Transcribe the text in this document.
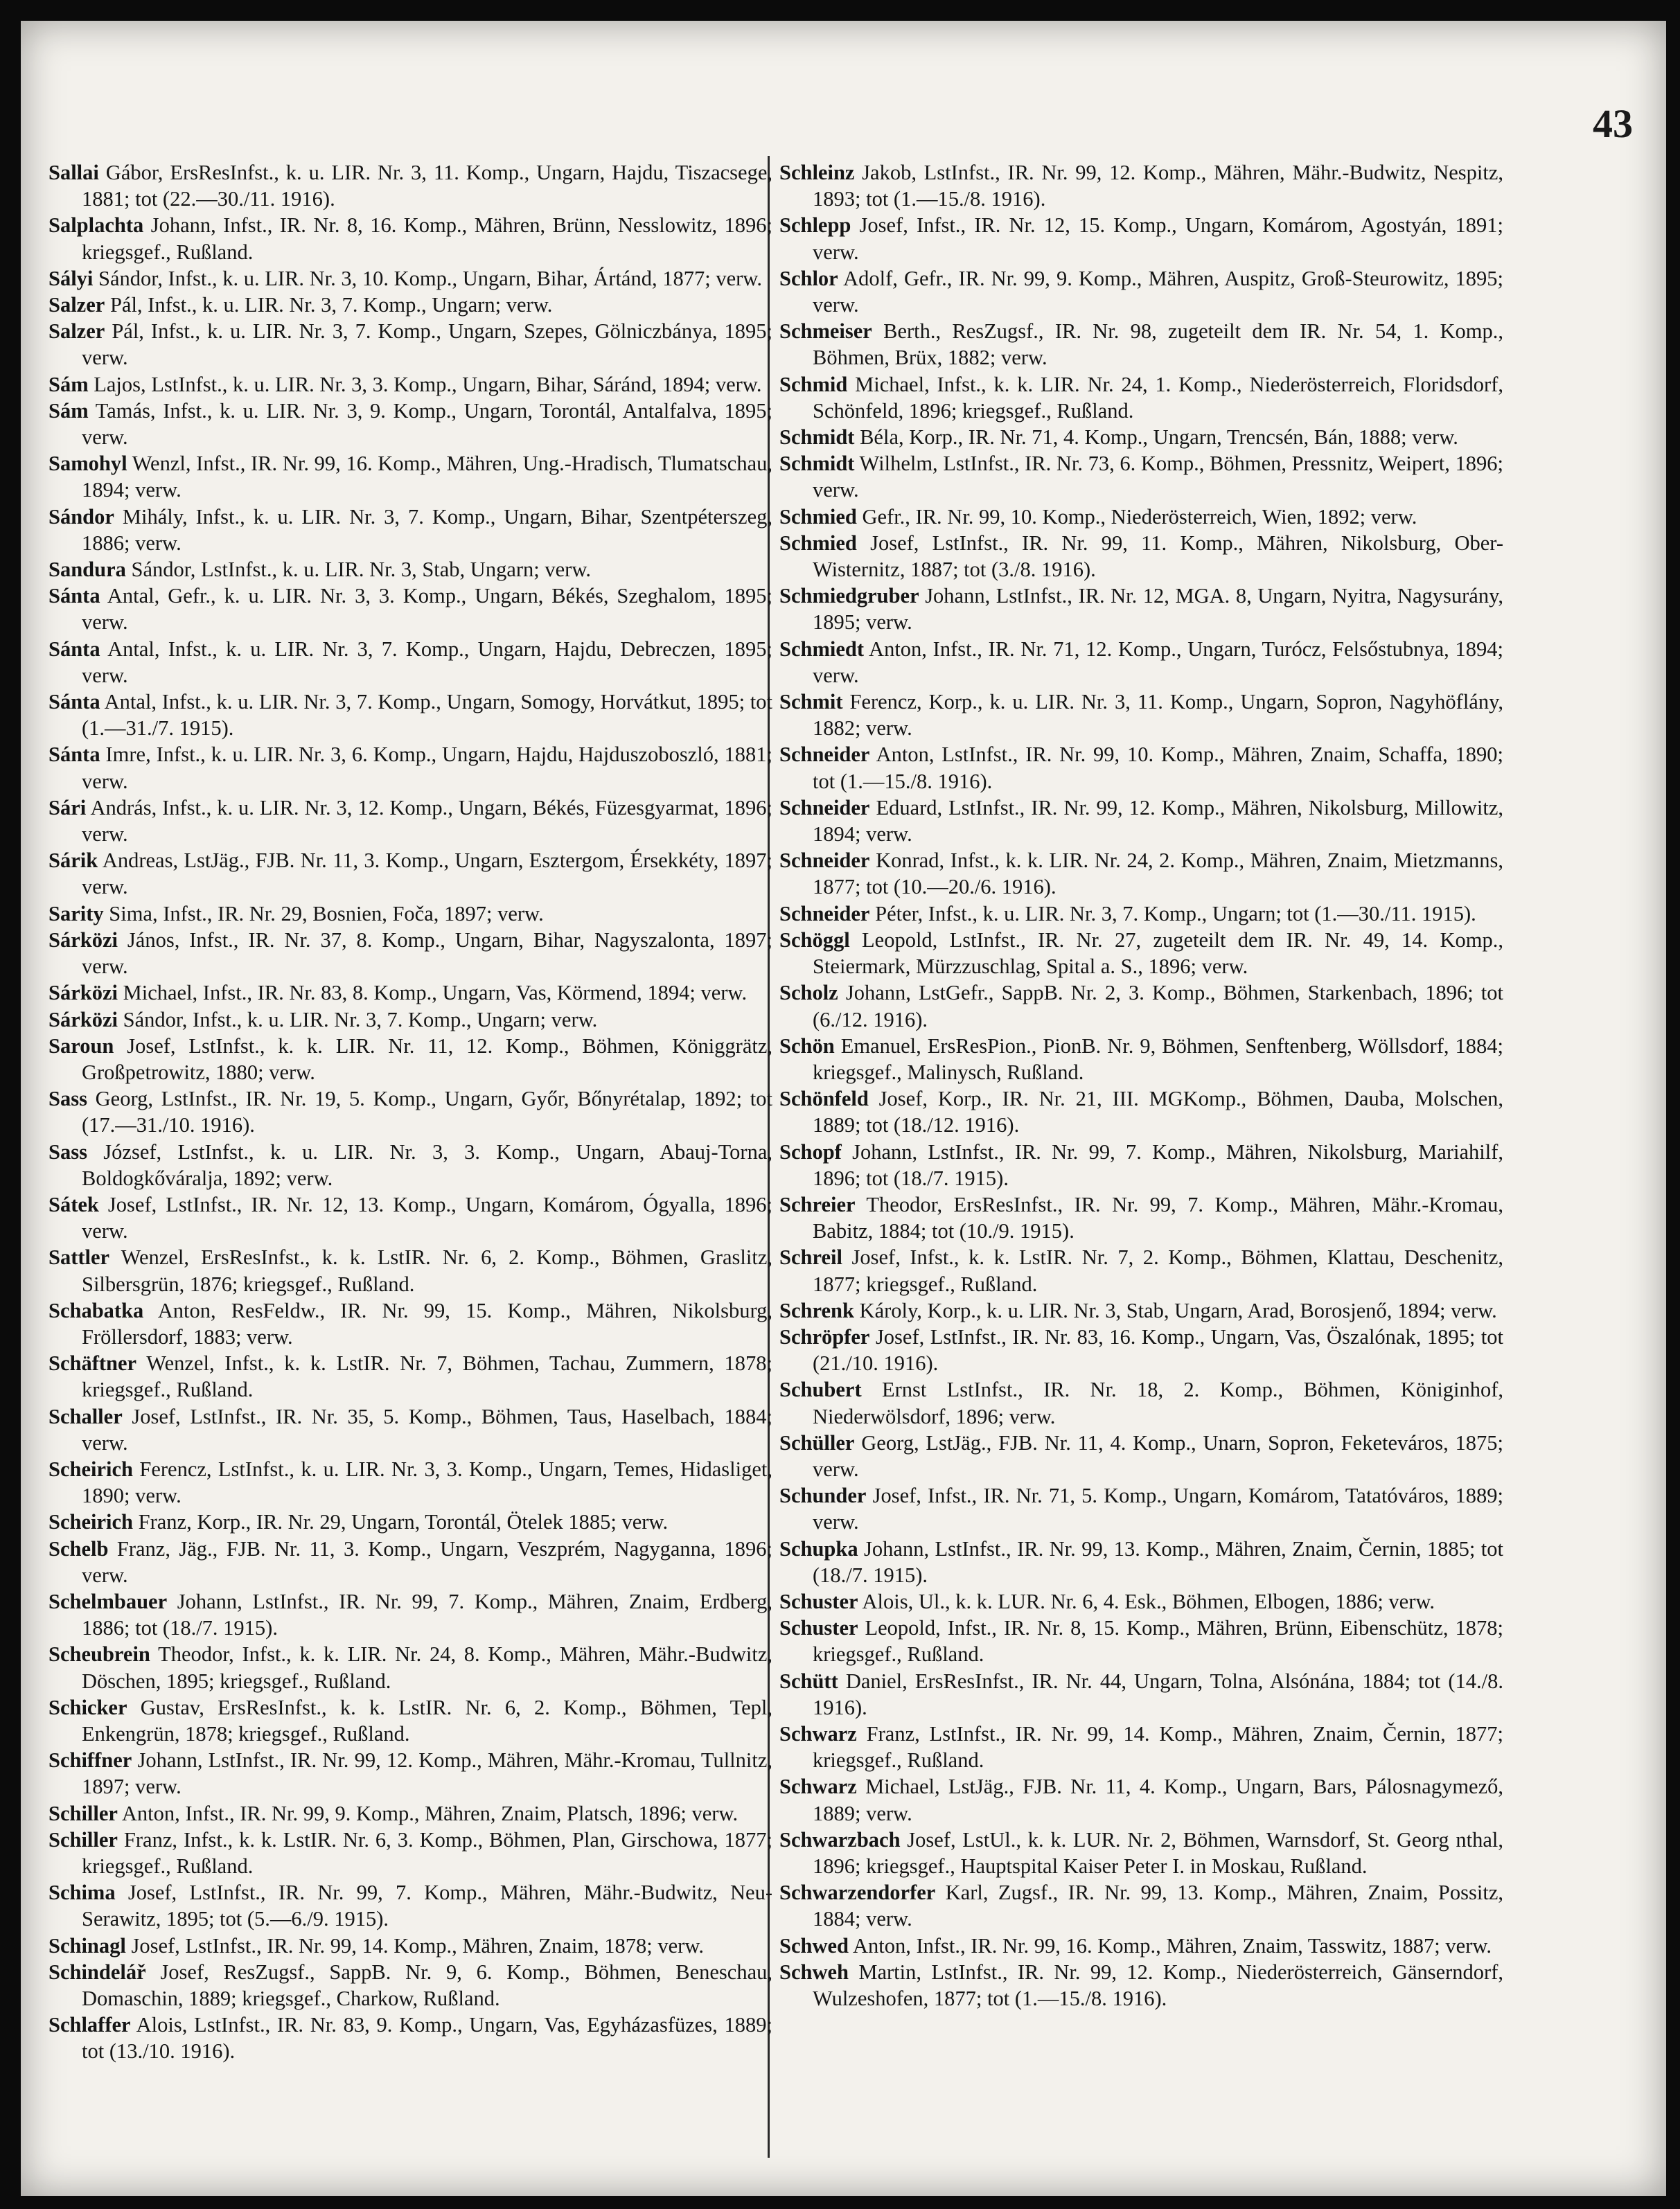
43

Sallai Gábor, ErsResInfst., k. u. LIR. Nr. 3, 11. Komp., Ungarn, Hajdu, Tiszacsege, 1881; tot (22.—30./11. 1916).

Salplachta Johann, Infst., IR. Nr. 8, 16. Komp., Mähren, Brünn, Nesslowitz, 1896; kriegsgef., Rußland.

Sályi Sándor, Infst., k. u. LIR. Nr. 3, 10. Komp., Ungarn, Bihar, Ártánd, 1877; verw.

Salzer Pál, Infst., k. u. LIR. Nr. 3, 7. Komp., Ungarn; verw.

Salzer Pál, Infst., k. u. LIR. Nr. 3, 7. Komp., Ungarn, Szepes, Gölniczbánya, 1895; verw.

Sám Lajos, LstInfst., k. u. LIR. Nr. 3, 3. Komp., Ungarn, Bihar, Sáránd, 1894; verw.

Sám Tamás, Infst., k. u. LIR. Nr. 3, 9. Komp., Ungarn, Torontál, Antalfalva, 1895; verw.

Samohyl Wenzl, Infst., IR. Nr. 99, 16. Komp., Mähren, Ung.-Hradisch, Tlumatschau, 1894; verw.

Sándor Mihály, Infst., k. u. LIR. Nr. 3, 7. Komp., Ungarn, Bihar, Szentpéterszeg, 1886; verw.

Sandura Sándor, LstInfst., k. u. LIR. Nr. 3, Stab, Ungarn; verw.

Sánta Antal, Gefr., k. u. LIR. Nr. 3, 3. Komp., Ungarn, Békés, Szeghalom, 1895; verw.

Sánta Antal, Infst., k. u. LIR. Nr. 3, 7. Komp., Ungarn, Hajdu, Debreczen, 1895; verw.

Sánta Antal, Infst., k. u. LIR. Nr. 3, 7. Komp., Ungarn, Somogy, Horvátkut, 1895; tot (1.—31./7. 1915).

Sánta Imre, Infst., k. u. LIR. Nr. 3, 6. Komp., Ungarn, Hajdu, Hajduszoboszló, 1881; verw.

Sári András, Infst., k. u. LIR. Nr. 3, 12. Komp., Ungarn, Békés, Füzesgyarmat, 1896; verw.

Sárik Andreas, LstJäg., FJB. Nr. 11, 3. Komp., Ungarn, Esztergom, Érsekkéty, 1897; verw.

Sarity Sima, Infst., IR. Nr. 29, Bosnien, Foča, 1897; verw.

Sárközi János, Infst., IR. Nr. 37, 8. Komp., Ungarn, Bihar, Nagyszalonta, 1897; verw.

Sárközi Michael, Infst., IR. Nr. 83, 8. Komp., Ungarn, Vas, Körmend, 1894; verw.

Sárközi Sándor, Infst., k. u. LIR. Nr. 3, 7. Komp., Ungarn; verw.

Saroun Josef, LstInfst., k. k. LIR. Nr. 11, 12. Komp., Böhmen, Königgrätz, Großpetrowitz, 1880; verw.

Sass Georg, LstInfst., IR. Nr. 19, 5. Komp., Ungarn, Győr, Bőnyrétalap, 1892; tot (17.—31./10. 1916).

Sass József, LstInfst., k. u. LIR. Nr. 3, 3. Komp., Ungarn, Abauj-Torna, Boldogkőváralja, 1892; verw.

Sátek Josef, LstInfst., IR. Nr. 12, 13. Komp., Ungarn, Komárom, Ógyalla, 1896; verw.

Sattler Wenzel, ErsResInfst., k. k. LstIR. Nr. 6, 2. Komp., Böhmen, Graslitz, Silbersgrün, 1876; kriegsgef., Rußland.

Schabatka Anton, ResFeldw., IR. Nr. 99, 15. Komp., Mähren, Nikolsburg, Fröllersdorf, 1883; verw.

Schäftner Wenzel, Infst., k. k. LstIR. Nr. 7, Böhmen, Tachau, Zummern, 1878; kriegsgef., Rußland.

Schaller Josef, LstInfst., IR. Nr. 35, 5. Komp., Böhmen, Taus, Haselbach, 1884; verw.

Scheirich Ferencz, LstInfst., k. u. LIR. Nr. 3, 3. Komp., Ungarn, Temes, Hidasliget, 1890; verw.

Scheirich Franz, Korp., IR. Nr. 29, Ungarn, Torontál, Ötelek 1885; verw.

Schelb Franz, Jäg., FJB. Nr. 11, 3. Komp., Ungarn, Veszprém, Nagyganna, 1896; verw.

Schelmbauer Johann, LstInfst., IR. Nr. 99, 7. Komp., Mähren, Znaim, Erdberg, 1886; tot (18./7. 1915).

Scheubrein Theodor, Infst., k. k. LIR. Nr. 24, 8. Komp., Mähren, Mähr.-Budwitz, Döschen, 1895; kriegsgef., Rußland.

Schicker Gustav, ErsResInfst., k. k. LstIR. Nr. 6, 2. Komp., Böhmen, Tepl, Enkengrün, 1878; kriegsgef., Rußland.

Schiffner Johann, LstInfst., IR. Nr. 99, 12. Komp., Mähren, Mähr.-Kromau, Tullnitz, 1897; verw.

Schiller Anton, Infst., IR. Nr. 99, 9. Komp., Mähren, Znaim, Platsch, 1896; verw.

Schiller Franz, Infst., k. k. LstIR. Nr. 6, 3. Komp., Böhmen, Plan, Girschowa, 1877; kriegsgef., Rußland.

Schima Josef, LstInfst., IR. Nr. 99, 7. Komp., Mähren, Mähr.-Budwitz, Neu-Serawitz, 1895; tot (5.—6./9. 1915).

Schinagl Josef, LstInfst., IR. Nr. 99, 14. Komp., Mähren, Znaim, 1878; verw.

Schindelář Josef, ResZugsf., SappB. Nr. 9, 6. Komp., Böhmen, Beneschau, Domaschin, 1889; kriegsgef., Charkow, Rußland.

Schlaffer Alois, LstInfst., IR. Nr. 83, 9. Komp., Ungarn, Vas, Egyházasfüzes, 1889; tot (13./10. 1916).

Schleinz Jakob, LstInfst., IR. Nr. 99, 12. Komp., Mähren, Mähr.-Budwitz, Nespitz, 1893; tot (1.—15./8. 1916).

Schlepp Josef, Infst., IR. Nr. 12, 15. Komp., Ungarn, Komárom, Agostyán, 1891; verw.

Schlor Adolf, Gefr., IR. Nr. 99, 9. Komp., Mähren, Auspitz, Groß-Steurowitz, 1895; verw.

Schmeiser Berth., ResZugsf., IR. Nr. 98, zugeteilt dem IR. Nr. 54, 1. Komp., Böhmen, Brüx, 1882; verw.

Schmid Michael, Infst., k. k. LIR. Nr. 24, 1. Komp., Niederösterreich, Floridsdorf, Schönfeld, 1896; kriegsgef., Rußland.

Schmidt Béla, Korp., IR. Nr. 71, 4. Komp., Ungarn, Trencsén, Bán, 1888; verw.

Schmidt Wilhelm, LstInfst., IR. Nr. 73, 6. Komp., Böhmen, Pressnitz, Weipert, 1896; verw.

Schmied Gefr., IR. Nr. 99, 10. Komp., Niederösterreich, Wien, 1892; verw.

Schmied Josef, LstInfst., IR. Nr. 99, 11. Komp., Mähren, Nikolsburg, Ober-Wisternitz, 1887; tot (3./8. 1916).

Schmiedgruber Johann, LstInfst., IR. Nr. 12, MGA. 8, Ungarn, Nyitra, Nagysurány, 1895; verw.

Schmiedt Anton, Infst., IR. Nr. 71, 12. Komp., Ungarn, Turócz, Felsőstubnya, 1894; verw.

Schmit Ferencz, Korp., k. u. LIR. Nr. 3, 11. Komp., Ungarn, Sopron, Nagyhöflány, 1882; verw.

Schneider Anton, LstInfst., IR. Nr. 99, 10. Komp., Mähren, Znaim, Schaffa, 1890; tot (1.—15./8. 1916).

Schneider Eduard, LstInfst., IR. Nr. 99, 12. Komp., Mähren, Nikolsburg, Millowitz, 1894; verw.

Schneider Konrad, Infst., k. k. LIR. Nr. 24, 2. Komp., Mähren, Znaim, Mietzmanns, 1877; tot (10.—20./6. 1916).

Schneider Péter, Infst., k. u. LIR. Nr. 3, 7. Komp., Ungarn; tot (1.—30./11. 1915).

Schöggl Leopold, LstInfst., IR. Nr. 27, zugeteilt dem IR. Nr. 49, 14. Komp., Steiermark, Mürzzuschlag, Spital a. S., 1896; verw.

Scholz Johann, LstGefr., SappB. Nr. 2, 3. Komp., Böhmen, Starkenbach, 1896; tot (6./12. 1916).

Schön Emanuel, ErsResPion., PionB. Nr. 9, Böhmen, Senftenberg, Wöllsdorf, 1884; kriegsgef., Malinysch, Rußland.

Schönfeld Josef, Korp., IR. Nr. 21, III. MGKomp., Böhmen, Dauba, Molschen, 1889; tot (18./12. 1916).

Schopf Johann, LstInfst., IR. Nr. 99, 7. Komp., Mähren, Nikolsburg, Mariahilf, 1896; tot (18./7. 1915).

Schreier Theodor, ErsResInfst., IR. Nr. 99, 7. Komp., Mähren, Mähr.-Kromau, Babitz, 1884; tot (10./9. 1915).

Schreil Josef, Infst., k. k. LstIR. Nr. 7, 2. Komp., Böhmen, Klattau, Deschenitz, 1877; kriegsgef., Rußland.

Schrenk Károly, Korp., k. u. LIR. Nr. 3, Stab, Ungarn, Arad, Borosjenő, 1894; verw.

Schröpfer Josef, LstInfst., IR. Nr. 83, 16. Komp., Ungarn, Vas, Öszalónak, 1895; tot (21./10. 1916).

Schubert Ernst LstInfst., IR. Nr. 18, 2. Komp., Böhmen, Königinhof, Niederwölsdorf, 1896; verw.

Schüller Georg, LstJäg., FJB. Nr. 11, 4. Komp., Unarn, Sopron, Feketeváros, 1875; verw.

Schunder Josef, Infst., IR. Nr. 71, 5. Komp., Ungarn, Komárom, Tatatóváros, 1889; verw.

Schupka Johann, LstInfst., IR. Nr. 99, 13. Komp., Mähren, Znaim, Černin, 1885; tot (18./7. 1915).

Schuster Alois, Ul., k. k. LUR. Nr. 6, 4. Esk., Böhmen, Elbogen, 1886; verw.

Schuster Leopold, Infst., IR. Nr. 8, 15. Komp., Mähren, Brünn, Eibenschütz, 1878; kriegsgef., Rußland.

Schütt Daniel, ErsResInfst., IR. Nr. 44, Ungarn, Tolna, Alsónána, 1884; tot (14./8. 1916).

Schwarz Franz, LstInfst., IR. Nr. 99, 14. Komp., Mähren, Znaim, Černin, 1877; kriegsgef., Rußland.

Schwarz Michael, LstJäg., FJB. Nr. 11, 4. Komp., Ungarn, Bars, Pálosnagymező, 1889; verw.

Schwarzbach Josef, LstUl., k. k. LUR. Nr. 2, Böhmen, Warnsdorf, St. Georg nthal, 1896; kriegsgef., Hauptspital Kaiser Peter I. in Moskau, Rußland.

Schwarzendorfer Karl, Zugsf., IR. Nr. 99, 13. Komp., Mähren, Znaim, Possitz, 1884; verw.

Schwed Anton, Infst., IR. Nr. 99, 16. Komp., Mähren, Znaim, Tasswitz, 1887; verw.

Schweh Martin, LstInfst., IR. Nr. 99, 12. Komp., Niederösterreich, Gänserndorf, Wulzeshofen, 1877; tot (1.—15./8. 1916).
